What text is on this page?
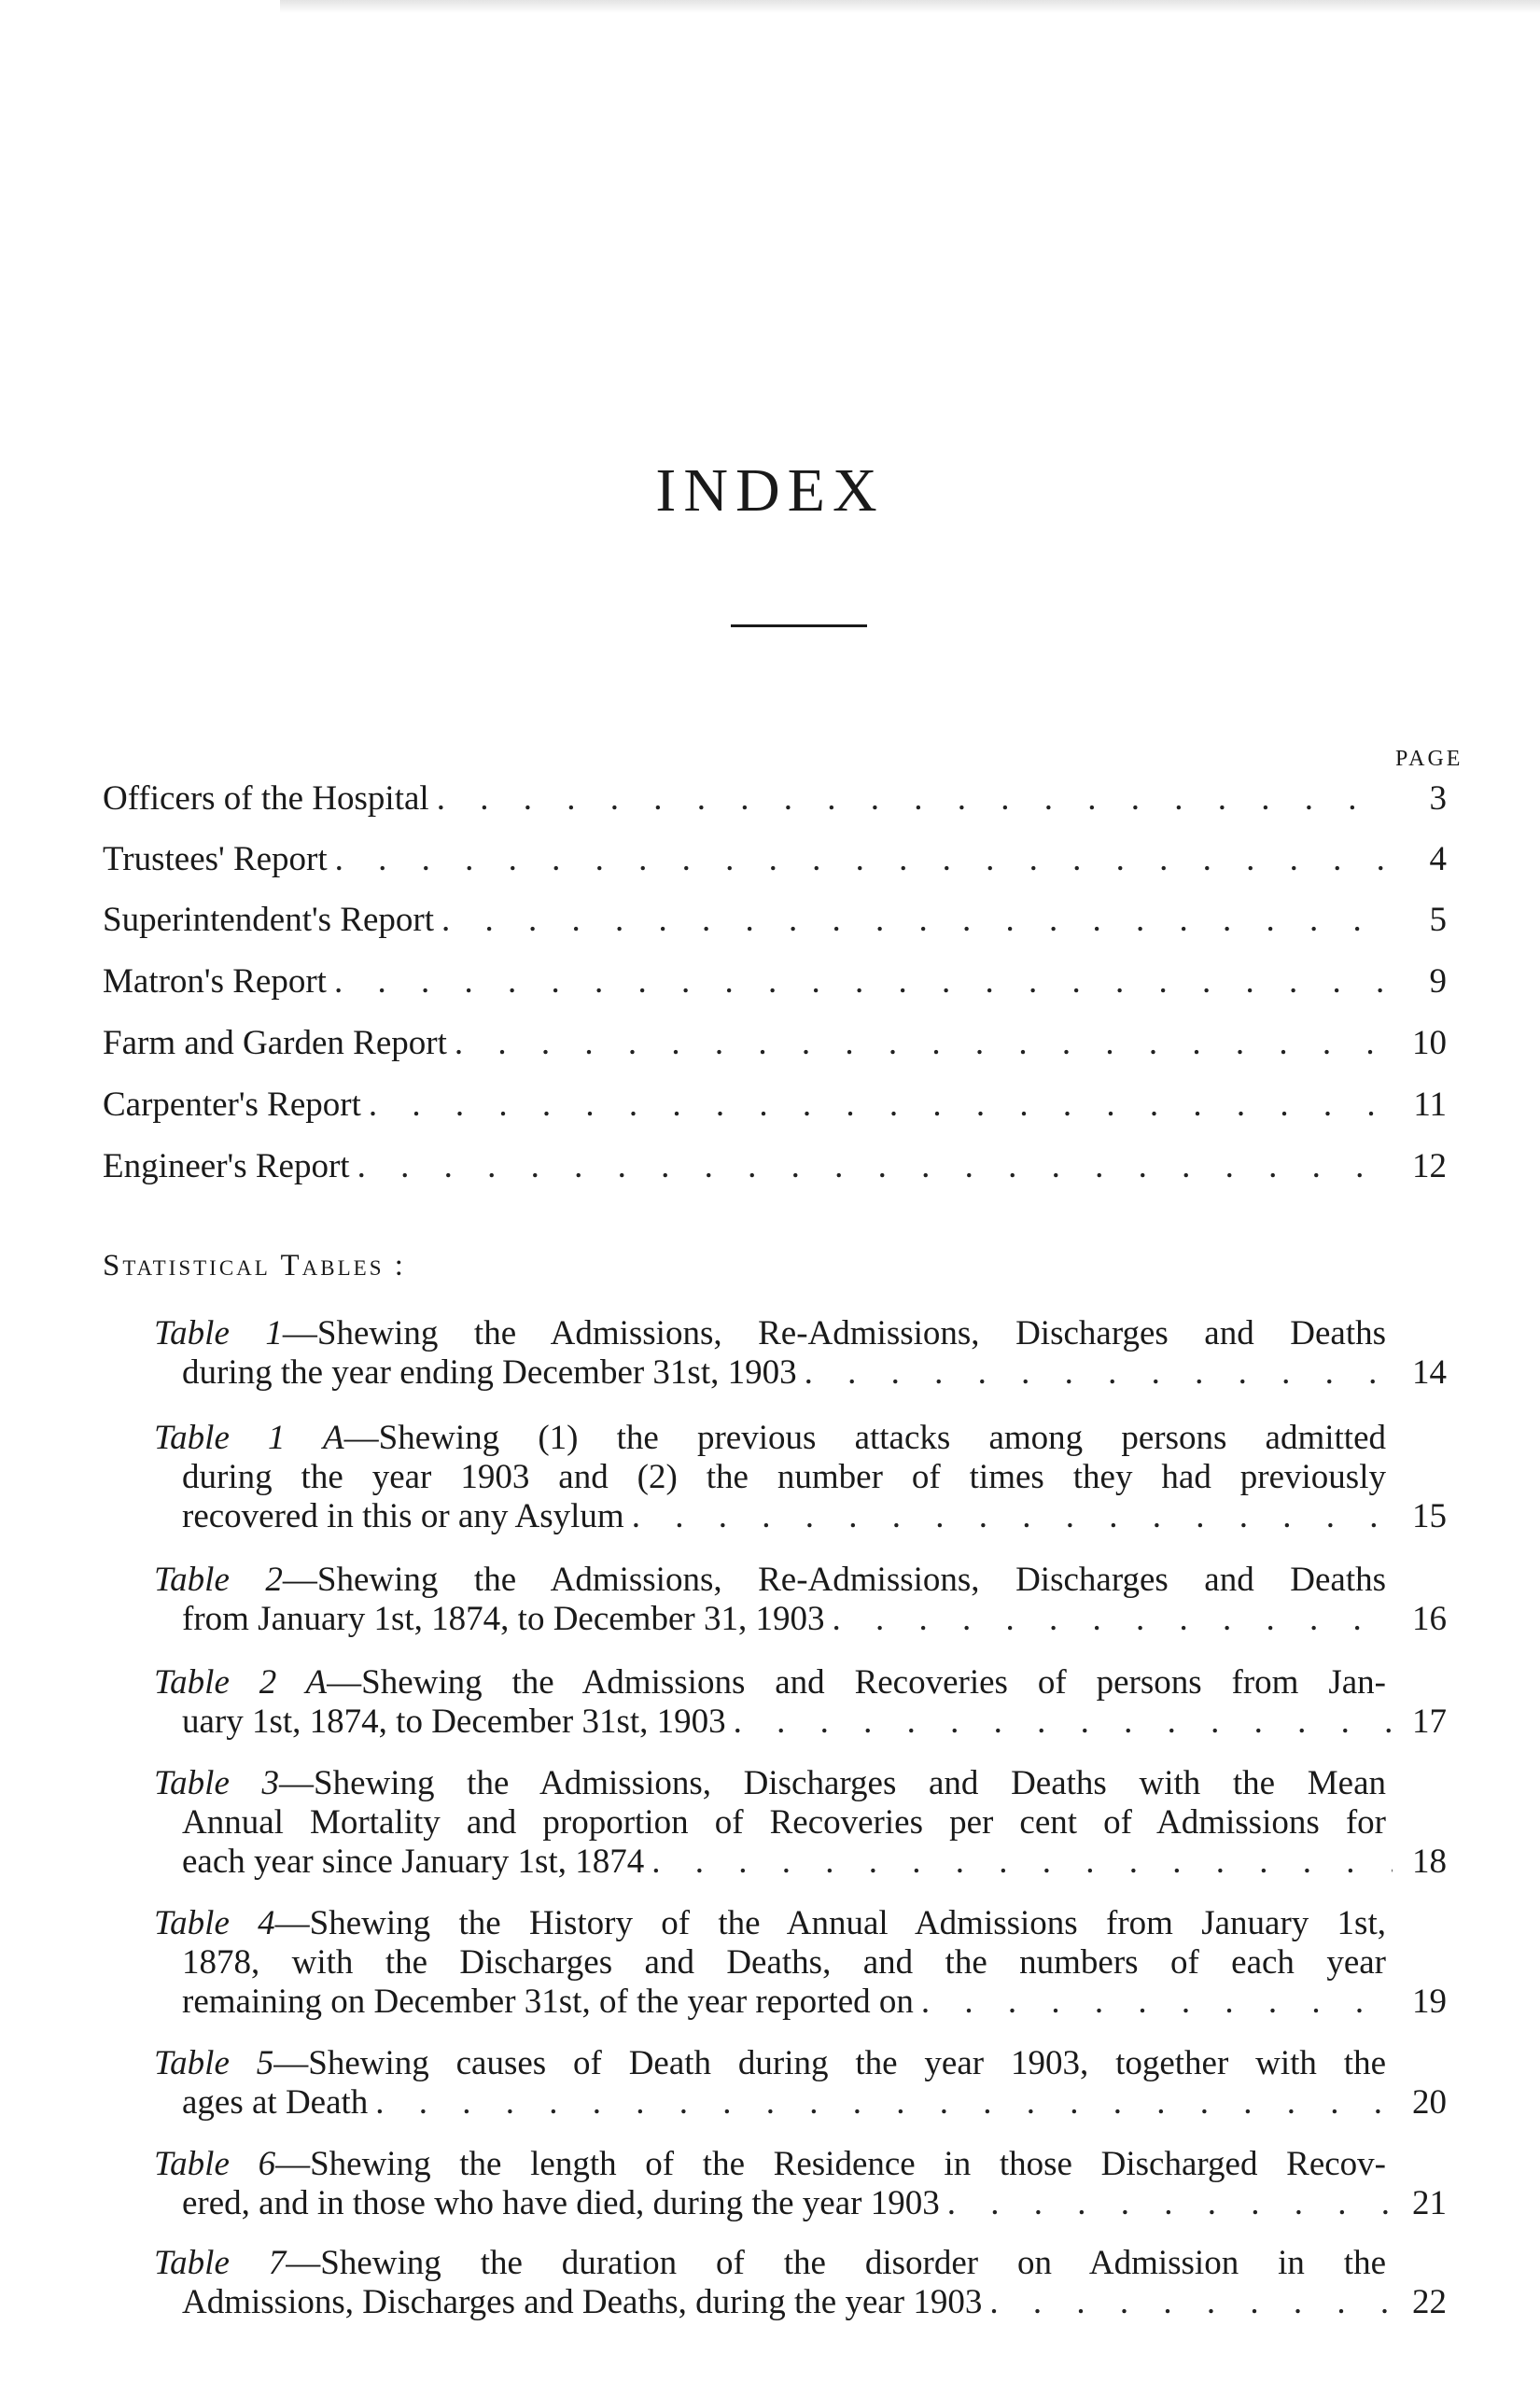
INDEX
PAGE
Officers of the Hospital . . .	3
Trustees' Report . . .	4
Superintendent's Report . . .	5
Matron's Report . . .	9
Farm and Garden Report . . .	10
Carpenter's Report . . .	11
Engineer's Report . . .	12
Statistical Tables :
Table 1—Shewing the Admissions, Re-Admissions, Discharges and Deaths
during the year ending December 31st, 1903 . . .	14
Table 1 A—Shewing (1) the previous attacks among persons admitted
during the year 1903 and (2) the number of times they had previously
recovered in this or any Asylum . . .	15
Table 2—Shewing the Admissions, Re-Admissions, Discharges and Deaths
from January 1st, 1874, to December 31, 1903 . . .	16
Table 2 A—Shewing the Admissions and Recoveries of persons from Jan-
uary 1st, 1874, to December 31st, 1903 . . .	17
Table 3—Shewing the Admissions, Discharges and Deaths with the Mean
Annual Mortality and proportion of Recoveries per cent of Admissions for
each year since January 1st, 1874 . . .	18
Table 4—Shewing the History of the Annual Admissions from January 1st,
1878, with the Discharges and Deaths, and the numbers of each year
remaining on December 31st, of the year reported on . . .	19
Table 5—Shewing causes of Death during the year 1903, together with the
ages at Death . . .	20
Table 6—Shewing the length of the Residence in those Discharged Recov-
ered, and in those who have died, during the year 1903 . . .	21
Table 7—Shewing the duration of the disorder on Admission in the
Admissions, Discharges and Deaths, during the year 1903 . . .	22
